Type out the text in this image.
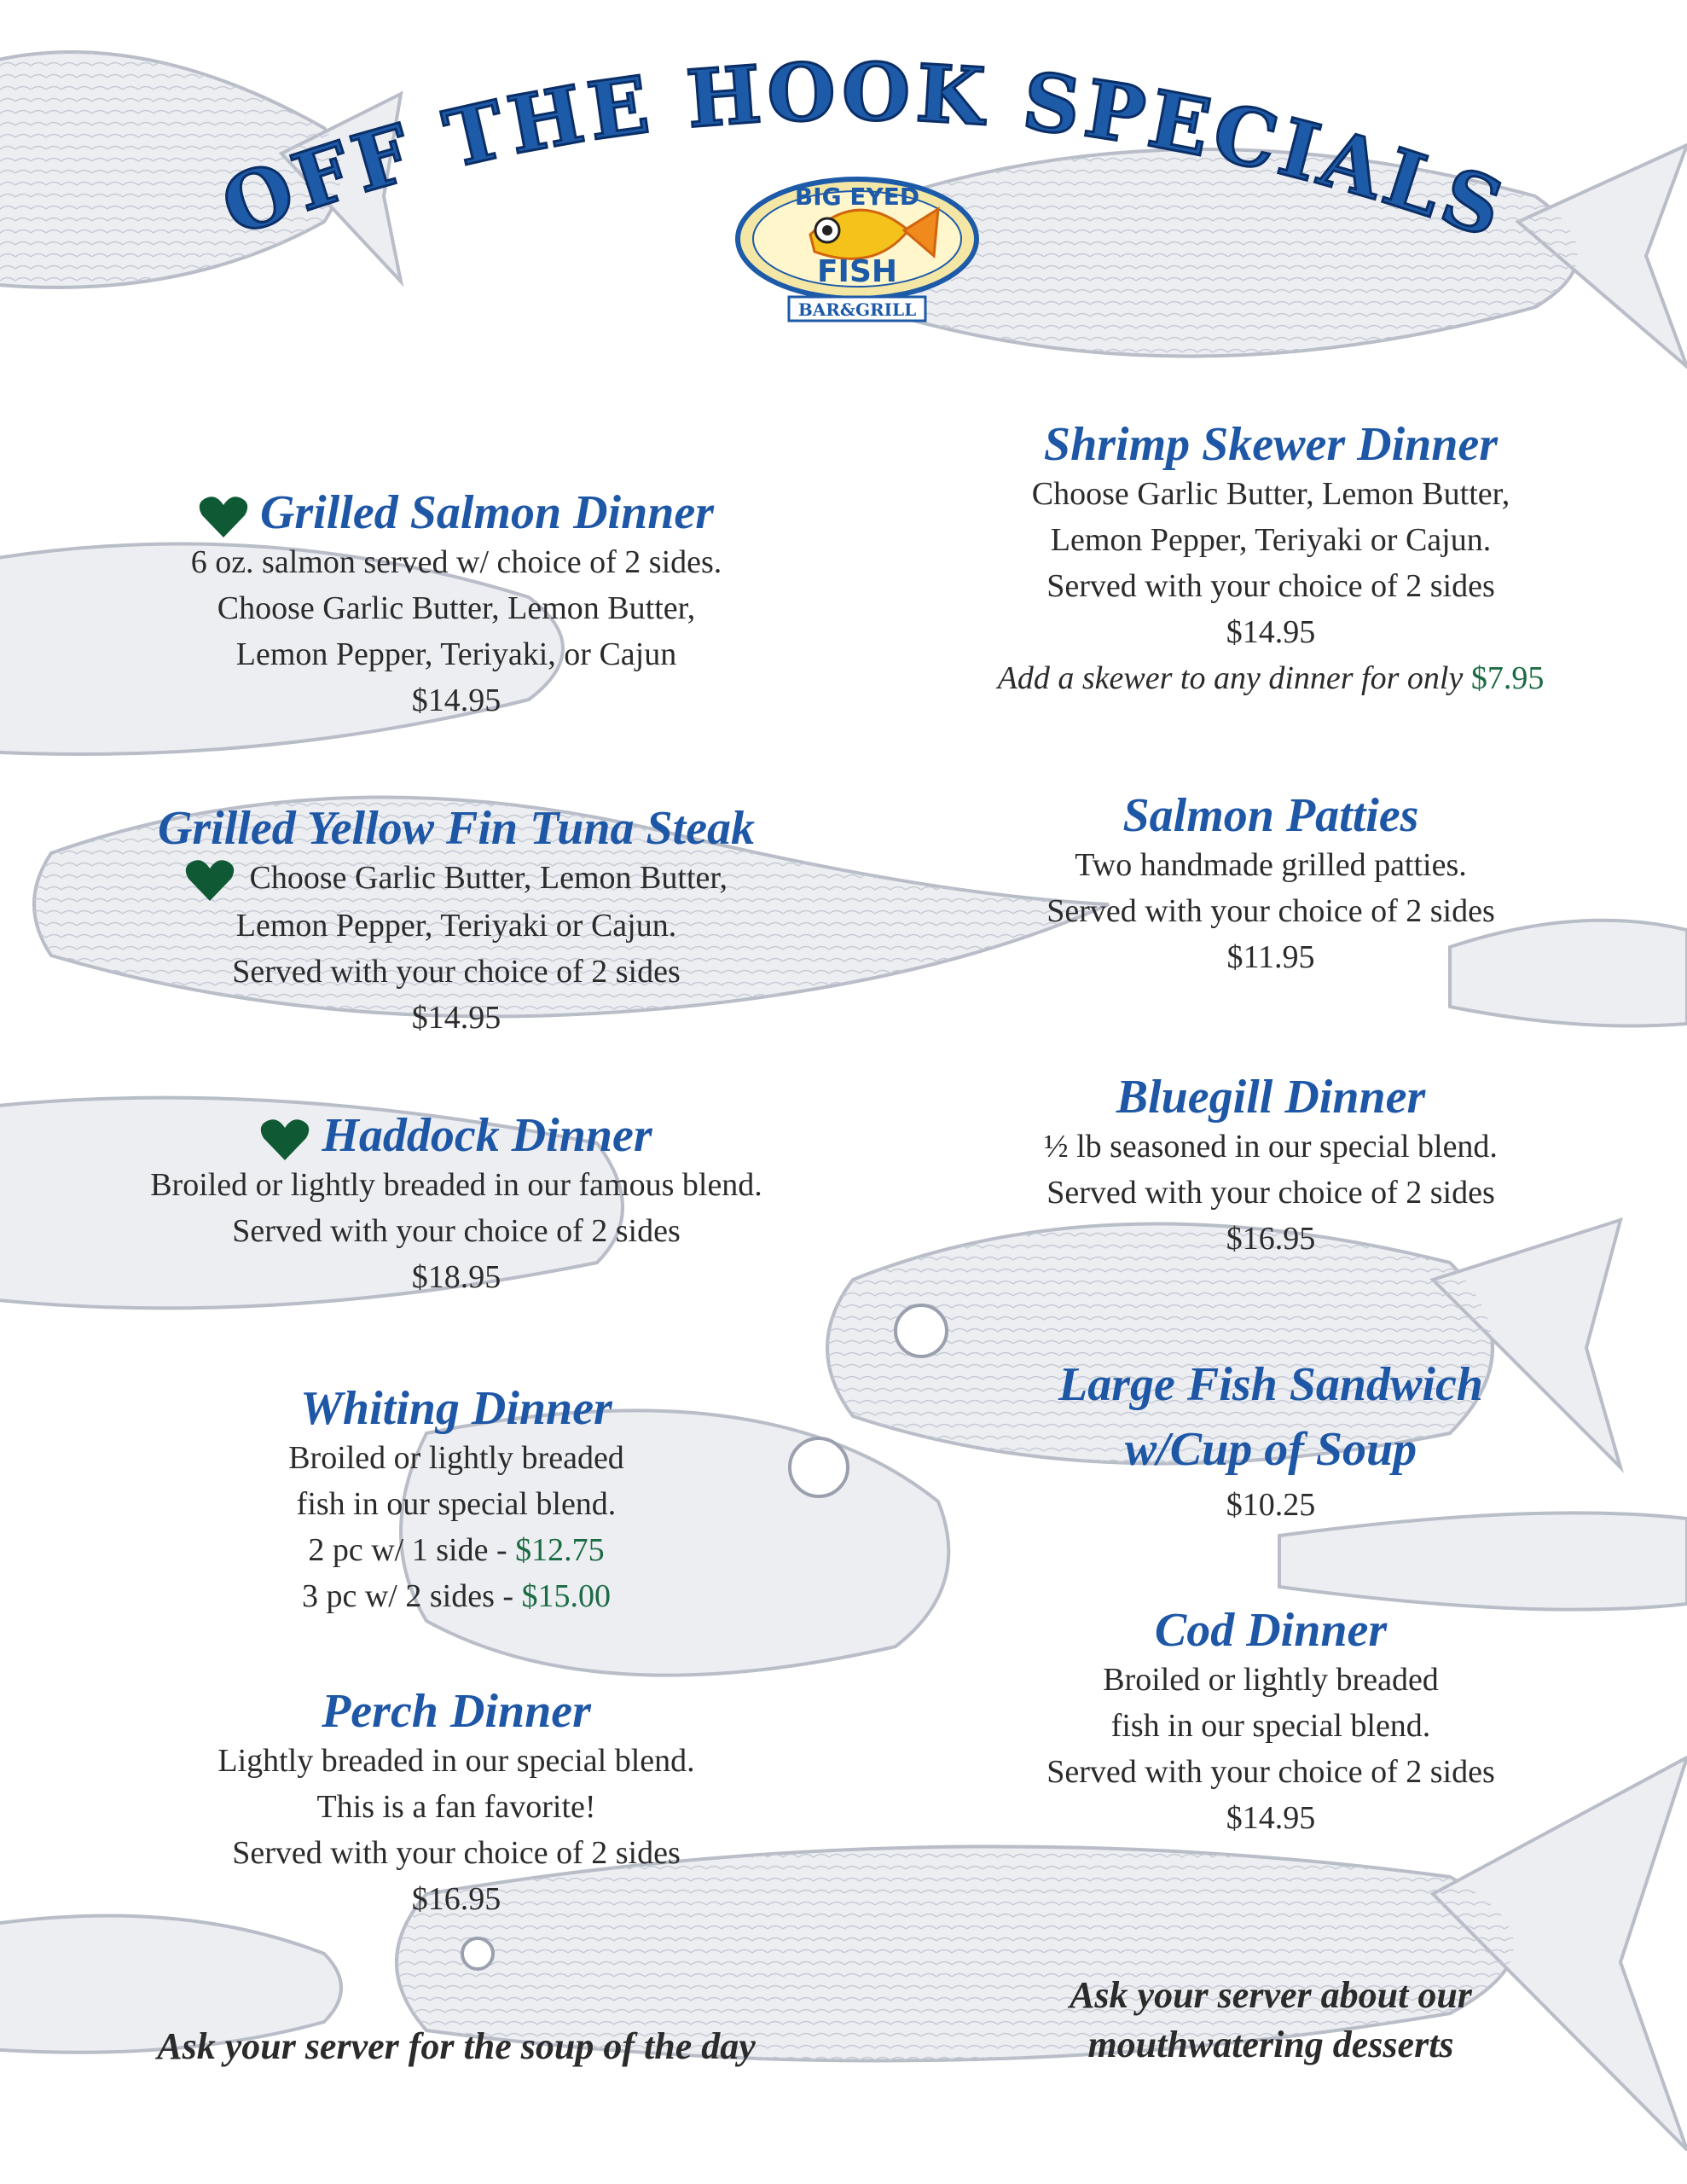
OFF THE HOOK SPECIALS
BIG EYED
FISH
BAR&GRILL
Grilled Salmon Dinner

6 oz. salmon served w/ choice of 2 sides.

Choose Garlic Butter, Lemon Butter,

Lemon Pepper, Teriyaki, or Cajun

$14.95

Grilled Yellow Fin Tuna Steak

Choose Garlic Butter, Lemon Butter,

Lemon Pepper, Teriyaki or Cajun.

Served with your choice of 2 sides

$14.95

Haddock Dinner

Broiled or lightly breaded in our famous blend.

Served with your choice of 2 sides

$18.95

Whiting Dinner

Broiled or lightly breaded

fish in our special blend.

2 pc w/ 1 side - $12.75

3 pc w/ 2 sides - $15.00

Perch Dinner

Lightly breaded in our special blend.

This is a fan favorite!

Served with your choice of 2 sides

$16.95

Shrimp Skewer Dinner

Choose Garlic Butter, Lemon Butter,

Lemon Pepper, Teriyaki or Cajun.

Served with your choice of 2 sides

$14.95

Add a skewer to any dinner for only $7.95

Salmon Patties

Two handmade grilled patties.

Served with your choice of 2 sides

$11.95

Bluegill Dinner

½ lb seasoned in our special blend.

Served with your choice of 2 sides

$16.95

Large Fish Sandwich
w/Cup of Soup

$10.25

Cod Dinner

Broiled or lightly breaded

fish in our special blend.

Served with your choice of 2 sides

$14.95

Ask your server for the soup of the day
Ask your server about our
mouthwatering desserts
